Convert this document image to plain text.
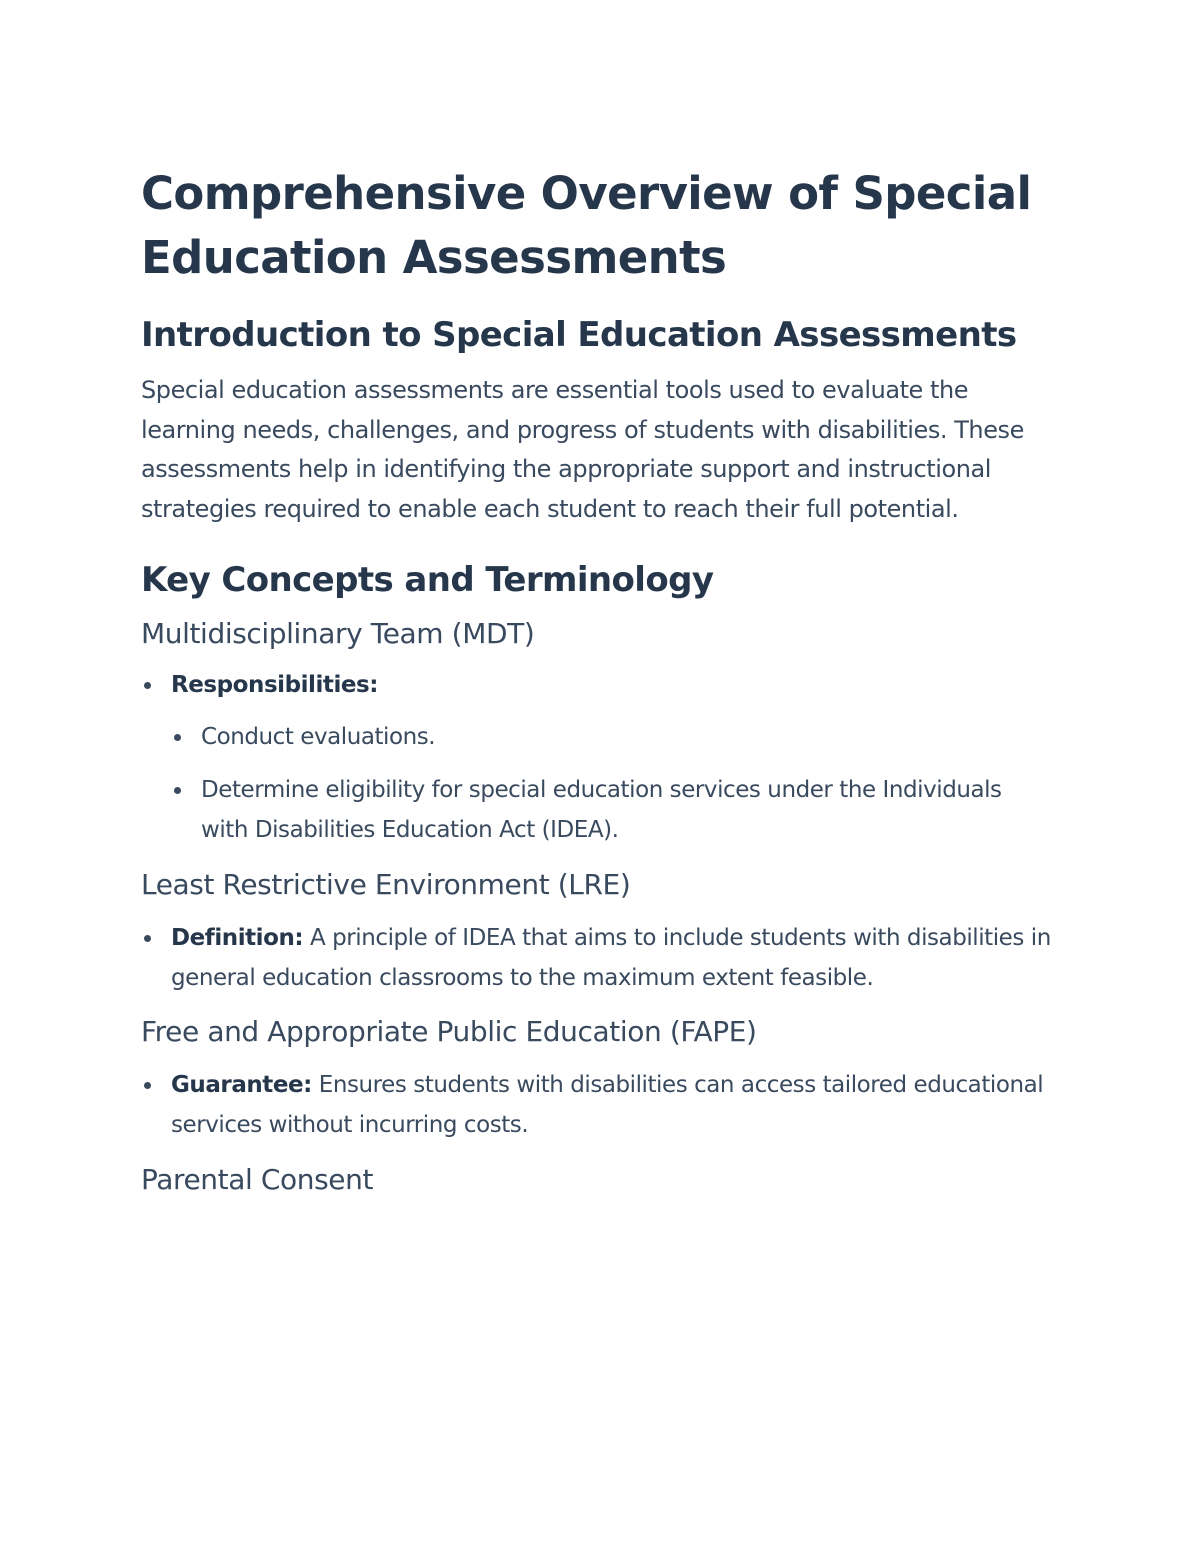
Comprehensive Overview of Special Education Assessments
Introduction to Special Education Assessments

Special education assessments are essential tools used to evaluate the learning needs, challenges, and progress of students with disabilities. These assessments help in identifying the appropriate support and instructional strategies required to enable each student to reach their full potential.

Key Concepts and Terminology
Multidisciplinary Team (MDT)
Responsibilities:
Conduct evaluations.
Determine eligibility for special education services under the Individuals with Disabilities Education Act (IDEA).
Least Restrictive Environment (LRE)
Definition: A principle of IDEA that aims to include students with disabilities in general education classrooms to the maximum extent feasible.
Free and Appropriate Public Education (FAPE)
Guarantee: Ensures students with disabilities can access tailored educational services without incurring costs.
Parental Consent
